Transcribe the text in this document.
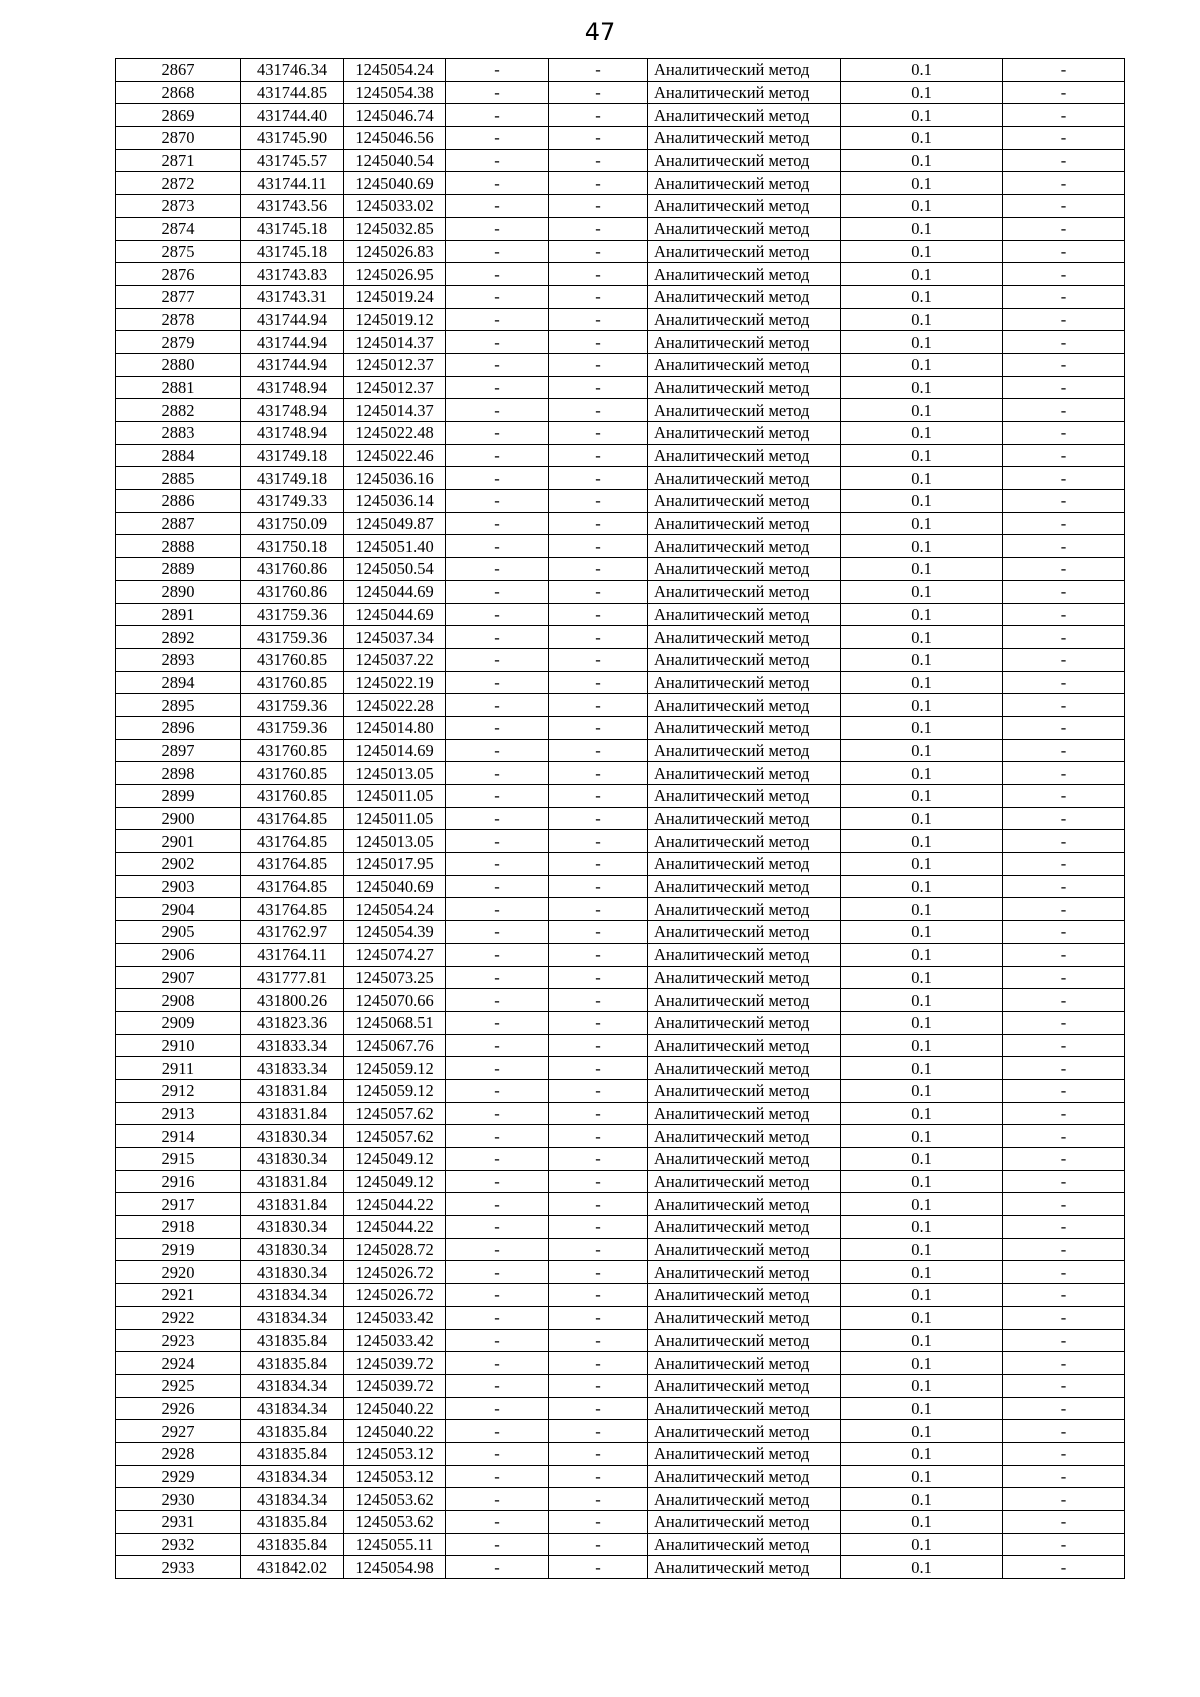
47
2867	431746.34	1245054.24	-	-	Аналитический метод	0.1	-
2868	431744.85	1245054.38	-	-	Аналитический метод	0.1	-
2869	431744.40	1245046.74	-	-	Аналитический метод	0.1	-
2870	431745.90	1245046.56	-	-	Аналитический метод	0.1	-
2871	431745.57	1245040.54	-	-	Аналитический метод	0.1	-
2872	431744.11	1245040.69	-	-	Аналитический метод	0.1	-
2873	431743.56	1245033.02	-	-	Аналитический метод	0.1	-
2874	431745.18	1245032.85	-	-	Аналитический метод	0.1	-
2875	431745.18	1245026.83	-	-	Аналитический метод	0.1	-
2876	431743.83	1245026.95	-	-	Аналитический метод	0.1	-
2877	431743.31	1245019.24	-	-	Аналитический метод	0.1	-
2878	431744.94	1245019.12	-	-	Аналитический метод	0.1	-
2879	431744.94	1245014.37	-	-	Аналитический метод	0.1	-
2880	431744.94	1245012.37	-	-	Аналитический метод	0.1	-
2881	431748.94	1245012.37	-	-	Аналитический метод	0.1	-
2882	431748.94	1245014.37	-	-	Аналитический метод	0.1	-
2883	431748.94	1245022.48	-	-	Аналитический метод	0.1	-
2884	431749.18	1245022.46	-	-	Аналитический метод	0.1	-
2885	431749.18	1245036.16	-	-	Аналитический метод	0.1	-
2886	431749.33	1245036.14	-	-	Аналитический метод	0.1	-
2887	431750.09	1245049.87	-	-	Аналитический метод	0.1	-
2888	431750.18	1245051.40	-	-	Аналитический метод	0.1	-
2889	431760.86	1245050.54	-	-	Аналитический метод	0.1	-
2890	431760.86	1245044.69	-	-	Аналитический метод	0.1	-
2891	431759.36	1245044.69	-	-	Аналитический метод	0.1	-
2892	431759.36	1245037.34	-	-	Аналитический метод	0.1	-
2893	431760.85	1245037.22	-	-	Аналитический метод	0.1	-
2894	431760.85	1245022.19	-	-	Аналитический метод	0.1	-
2895	431759.36	1245022.28	-	-	Аналитический метод	0.1	-
2896	431759.36	1245014.80	-	-	Аналитический метод	0.1	-
2897	431760.85	1245014.69	-	-	Аналитический метод	0.1	-
2898	431760.85	1245013.05	-	-	Аналитический метод	0.1	-
2899	431760.85	1245011.05	-	-	Аналитический метод	0.1	-
2900	431764.85	1245011.05	-	-	Аналитический метод	0.1	-
2901	431764.85	1245013.05	-	-	Аналитический метод	0.1	-
2902	431764.85	1245017.95	-	-	Аналитический метод	0.1	-
2903	431764.85	1245040.69	-	-	Аналитический метод	0.1	-
2904	431764.85	1245054.24	-	-	Аналитический метод	0.1	-
2905	431762.97	1245054.39	-	-	Аналитический метод	0.1	-
2906	431764.11	1245074.27	-	-	Аналитический метод	0.1	-
2907	431777.81	1245073.25	-	-	Аналитический метод	0.1	-
2908	431800.26	1245070.66	-	-	Аналитический метод	0.1	-
2909	431823.36	1245068.51	-	-	Аналитический метод	0.1	-
2910	431833.34	1245067.76	-	-	Аналитический метод	0.1	-
2911	431833.34	1245059.12	-	-	Аналитический метод	0.1	-
2912	431831.84	1245059.12	-	-	Аналитический метод	0.1	-
2913	431831.84	1245057.62	-	-	Аналитический метод	0.1	-
2914	431830.34	1245057.62	-	-	Аналитический метод	0.1	-
2915	431830.34	1245049.12	-	-	Аналитический метод	0.1	-
2916	431831.84	1245049.12	-	-	Аналитический метод	0.1	-
2917	431831.84	1245044.22	-	-	Аналитический метод	0.1	-
2918	431830.34	1245044.22	-	-	Аналитический метод	0.1	-
2919	431830.34	1245028.72	-	-	Аналитический метод	0.1	-
2920	431830.34	1245026.72	-	-	Аналитический метод	0.1	-
2921	431834.34	1245026.72	-	-	Аналитический метод	0.1	-
2922	431834.34	1245033.42	-	-	Аналитический метод	0.1	-
2923	431835.84	1245033.42	-	-	Аналитический метод	0.1	-
2924	431835.84	1245039.72	-	-	Аналитический метод	0.1	-
2925	431834.34	1245039.72	-	-	Аналитический метод	0.1	-
2926	431834.34	1245040.22	-	-	Аналитический метод	0.1	-
2927	431835.84	1245040.22	-	-	Аналитический метод	0.1	-
2928	431835.84	1245053.12	-	-	Аналитический метод	0.1	-
2929	431834.34	1245053.12	-	-	Аналитический метод	0.1	-
2930	431834.34	1245053.62	-	-	Аналитический метод	0.1	-
2931	431835.84	1245053.62	-	-	Аналитический метод	0.1	-
2932	431835.84	1245055.11	-	-	Аналитический метод	0.1	-
2933	431842.02	1245054.98	-	-	Аналитический метод	0.1	-
